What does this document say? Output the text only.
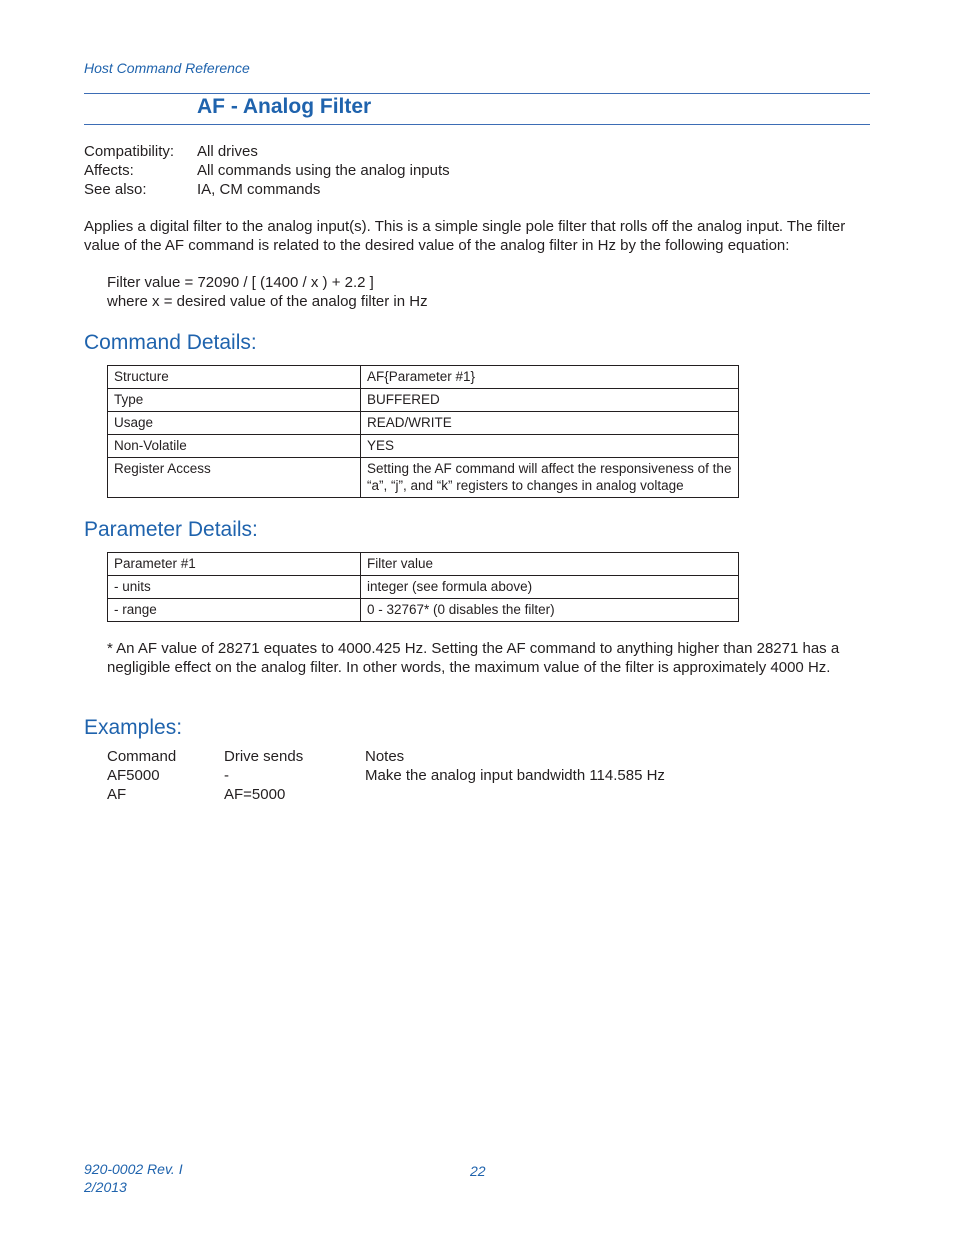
Host Command Reference
AF - Analog Filter
Compatibility:	All drives
Affects:	All commands using the analog inputs
See also:	IA, CM commands
Applies a digital filter to the analog input(s). This is a simple single pole filter that rolls off the analog input. The filter value of the AF command is related to the desired value of the analog filter in Hz by the following equation:
Filter value = 72090 / [ (1400 / x ) + 2.2 ]
where x = desired value of the analog filter in Hz
Command Details:
Structure	AF{Parameter #1}
Type	BUFFERED
Usage	READ/WRITE
Non-Volatile	YES
Register Access	Setting the AF command will affect the responsiveness of the “a”, “j”, and “k” registers to changes in analog voltage
Parameter Details:
Parameter #1	Filter value
- units	integer (see formula above)
- range	0 - 32767* (0 disables the filter)
* An AF value of 28271 equates to 4000.425 Hz. Setting the AF command to anything higher than 28271 has a negligible effect on the analog filter. In other words, the maximum value of the filter is approximately 4000 Hz.
Examples:
Command	Drive sends	Notes
AF5000	-	Make the analog input bandwidth 114.585 Hz
AF	AF=5000
920-0002 Rev. I
2/2013
22
